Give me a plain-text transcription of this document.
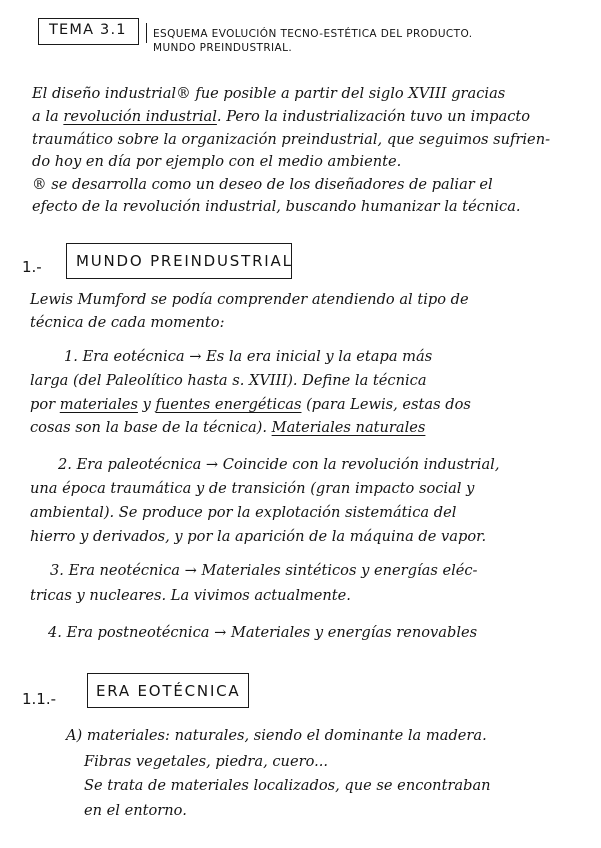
TEMA 3.1	ESQUEMA EVOLUCIÓN TECNO-ESTÉTICA DEL PRODUCTO.
MUNDO PREINDUSTRIAL.
El diseño industrial® fue posible a partir del siglo XVIII gracias
a la revolución industrial. Pero la industrialización tuvo un impacto
traumático sobre la organización preindustrial, que seguimos sufrien-
do hoy en día por ejemplo con el medio ambiente.
® se desarrolla como un deseo de los diseñadores de paliar el
efecto de la revolución industrial, buscando humanizar la técnica.
1.- MUNDO PREINDUSTRIAL
Lewis Mumford se podía comprender atendiendo al tipo de
técnica de cada momento:
1. Era eotécnica → Es la era inicial y la etapa más
larga (del Paleolítico hasta s. XVIII). Define la técnica
por materiales y fuentes energéticas (para Lewis, estas dos
cosas son la base de la técnica). Materiales naturales
2. Era paleotécnica → Coincide con la revolución industrial,
una época traumática y de transición (gran impacto social y
ambiental). Se produce por la explotación sistemática del
hierro y derivados, y por la aparición de la máquina de vapor.
3. Era neotécnica → Materiales sintéticos y energías eléc-
tricas y nucleares. La vivimos actualmente.
4. Era postneotécnica → Materiales y energías renovables
1.1.-	ERA EOTÉCNICA
A) materiales: naturales, siendo el dominante la madera.
Fibras vegetales, piedra, cuero...
Se trata de materiales localizados, que se encontraban
en el entorno.
